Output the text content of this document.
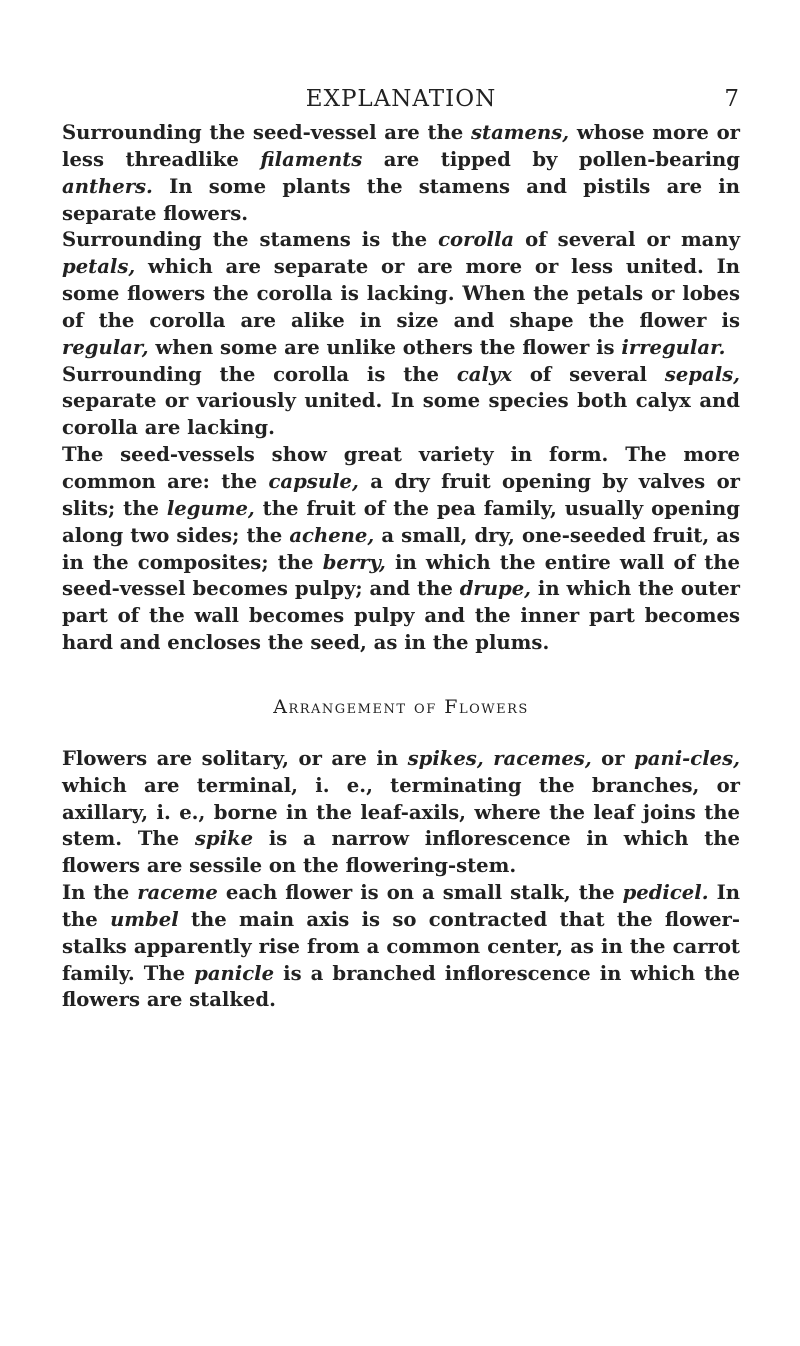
EXPLANATION	7

Surrounding the seed-vessel are the stamens, whose more or less threadlike filaments are tipped by pollen-bearing anthers. In some plants the stamens and pistils are in separate flowers.

Surrounding the stamens is the corolla of several or many petals, which are separate or are more or less united. In some flowers the corolla is lacking. When the petals or lobes of the corolla are alike in size and shape the flower is regular, when some are unlike others the flower is irregular.

Surrounding the corolla is the calyx of several sepals, separate or variously united. In some species both calyx and corolla are lacking.

The seed-vessels show great variety in form. The more common are: the capsule, a dry fruit opening by valves or slits; the legume, the fruit of the pea family, usually opening along two sides; the achene, a small, dry, one-seeded fruit, as in the composites; the berry, in which the entire wall of the seed-vessel becomes pulpy; and the drupe, in which the outer part of the wall becomes pulpy and the inner part becomes hard and encloses the seed, as in the plums.

Arrangement of Flowers

Flowers are solitary, or are in spikes, racemes, or pani-cles, which are terminal, i. e., terminating the branches, or axillary, i. e., borne in the leaf-axils, where the leaf joins the stem. The spike is a narrow inflorescence in which the flowers are sessile on the flowering-stem.

In the raceme each flower is on a small stalk, the pedicel. In the umbel the main axis is so contracted that the flower-stalks apparently rise from a common center, as in the carrot family. The panicle is a branched inflorescence in which the flowers are stalked.
